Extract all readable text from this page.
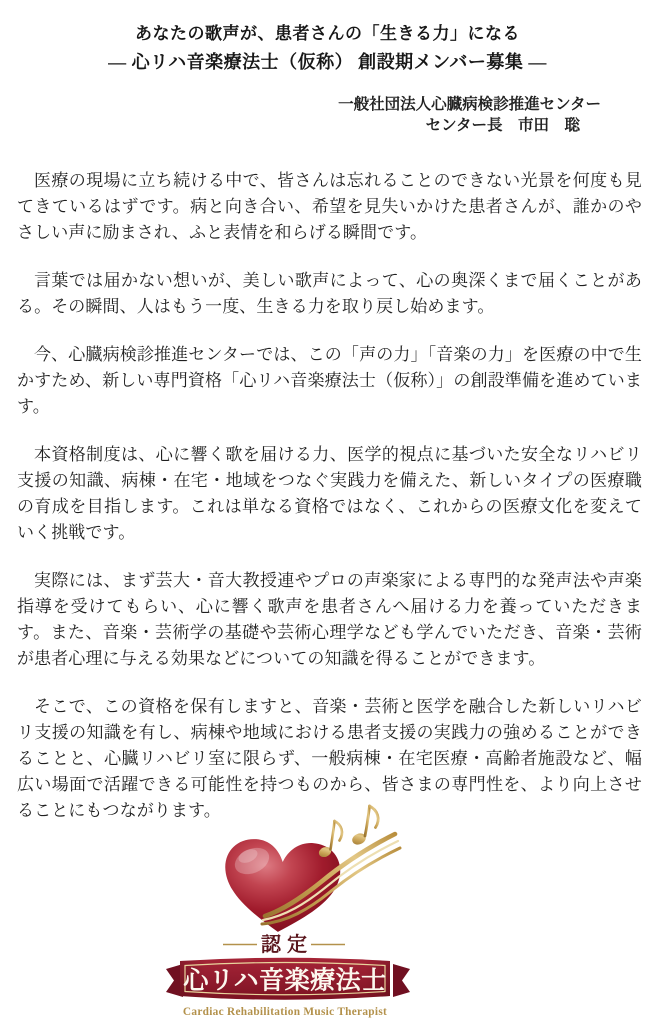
あなたの歌声が、患者さんの「生きる力」になる
― 心リハ音楽療法士（仮称） 創設期メンバー募集 ―
一般社団法人心臓病検診推進センター
センター長　市田　聡

医療の現場に立ち続ける中で、皆さんは忘れることのできない光景を何度も見てきているはずです。病と向き合い、希望を見失いかけた患者さんが、誰かのやさしい声に励まされ、ふと表情を和らげる瞬間です。

言葉では届かない想いが、美しい歌声によって、心の奥深くまで届くことがある。その瞬間、人はもう一度、生きる力を取り戻し始めます。

今、心臓病検診推進センターでは、この「声の力」「音楽の力」を医療の中で生かすため、新しい専門資格「心リハ音楽療法士（仮称）」の創設準備を進めています。

本資格制度は、心に響く歌を届ける力、医学的視点に基づいた安全なリハビリ支援の知識、病棟・在宅・地域をつなぐ実践力を備えた、新しいタイプの医療職の育成を目指します。これは単なる資格ではなく、これからの医療文化を変えていく挑戦です。

実際には、まず芸大・音大教授連やプロの声楽家による専門的な発声法や声楽指導を受けてもらい、心に響く歌声を患者さんへ届ける力を養っていただきます。また、音楽・芸術学の基礎や芸術心理学なども学んでいただき、音楽・芸術が患者心理に与える効果などについての知識を得ることができます。

そこで、この資格を保有しますと、音楽・芸術と医学を融合した新しいリハビリ支援の知識を有し、病棟や地域における患者支援の実践力の強めることができることと、心臓リハビリ室に限らず、一般病棟・在宅医療・高齢者施設など、幅広い場面で活躍できる可能性を持つものから、皆さまの専門性を、より向上させることにもつながります。

認定
心リハ音楽療法士
Cardiac Rehabilitation Music Therapist
